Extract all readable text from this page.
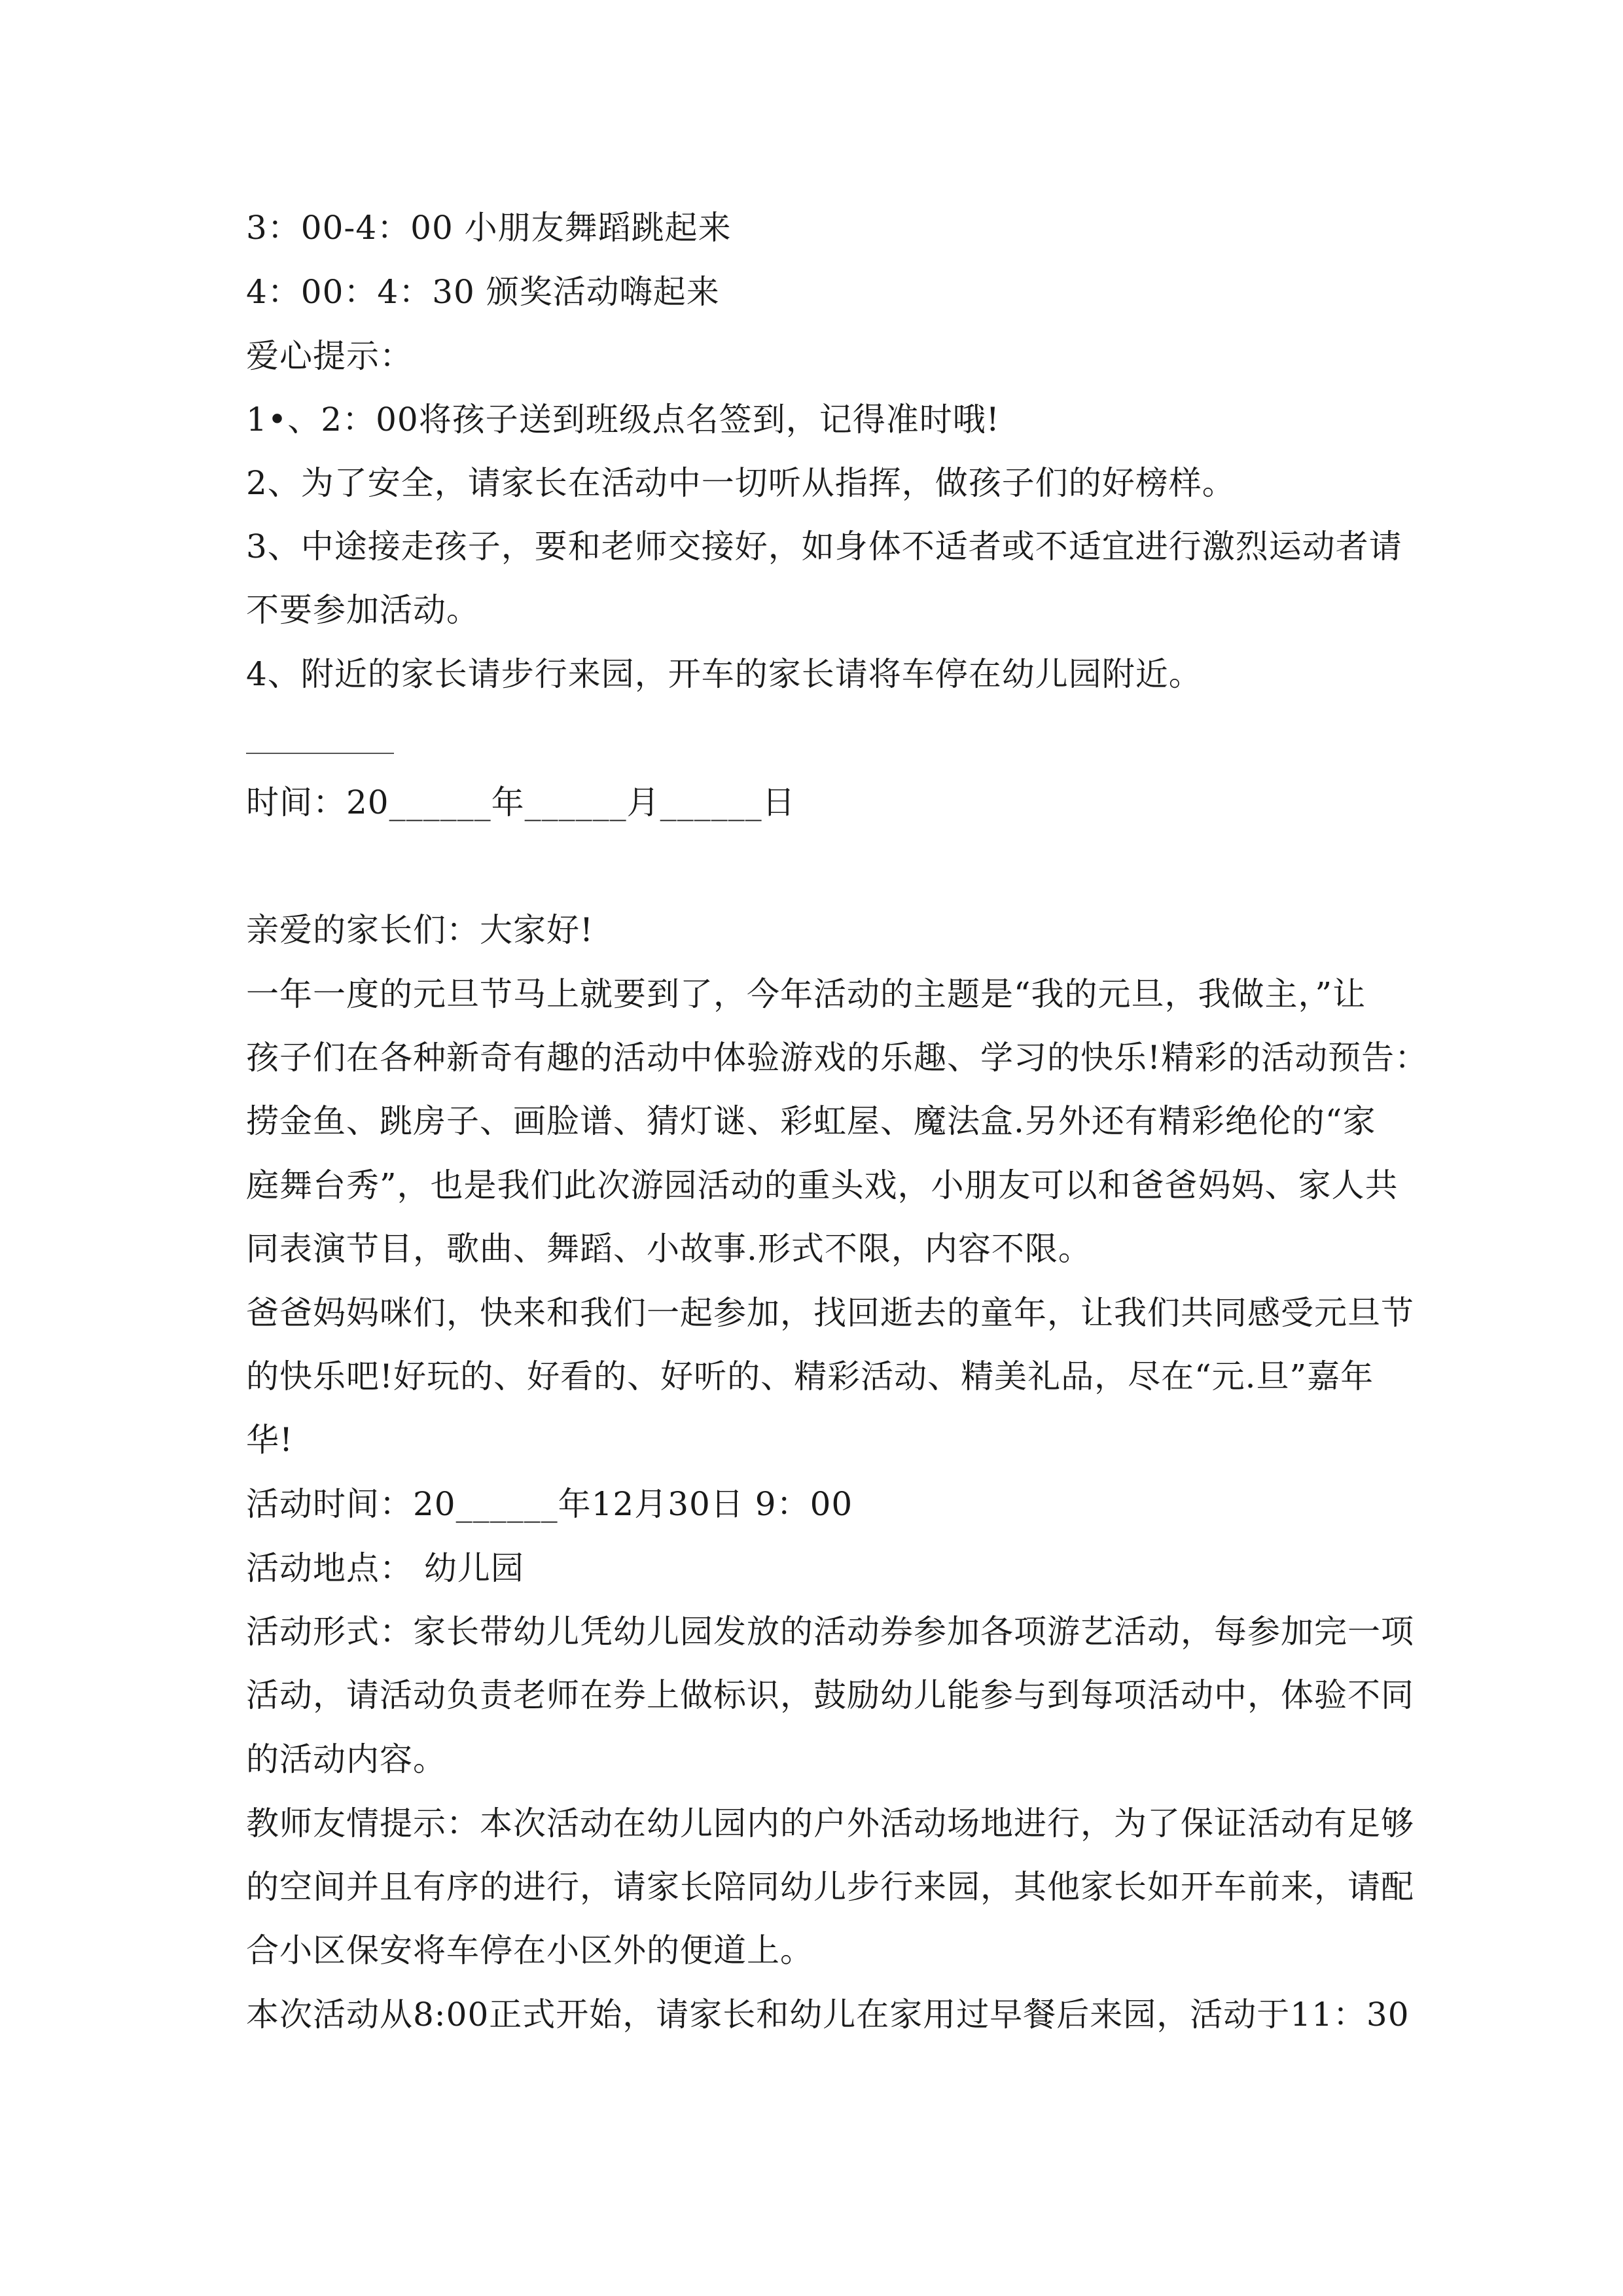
3：00-4：00 小朋友舞蹈跳起来
4：00：4：30 颁奖活动嗨起来
爱心提示：
1•、2：00将孩子送到班级点名签到，记得准时哦!
2、为了安全，请家长在活动中一切听从指挥，做孩子们的好榜样。
3、中途接走孩子，要和老师交接好，如身体不适者或不适宜进行激烈运动者请
不要参加活动。
4、附近的家长请步行来园，开车的家长请将车停在幼儿园附近。
时间：20______年______月______日
亲爱的家长们：大家好!
一年一度的元旦节马上就要到了，今年活动的主题是“我的元旦，我做主，”让
孩子们在各种新奇有趣的活动中体验游戏的乐趣、学习的快乐!精彩的活动预告：
捞金鱼、跳房子、画脸谱、猜灯谜、彩虹屋、魔法盒.另外还有精彩绝伦的“家
庭舞台秀”，也是我们此次游园活动的重头戏，小朋友可以和爸爸妈妈、家人共
同表演节目，歌曲、舞蹈、小故事.形式不限，内容不限。
爸爸妈妈咪们，快来和我们一起参加，找回逝去的童年，让我们共同感受元旦节
的快乐吧!好玩的、好看的、好听的、精彩活动、精美礼品，尽在“元.旦”嘉年
华!
活动时间：20______年12月30日 9：00
活动地点： 幼儿园
活动形式：家长带幼儿凭幼儿园发放的活动券参加各项游艺活动，每参加完一项
活动，请活动负责老师在券上做标识，鼓励幼儿能参与到每项活动中，体验不同
的活动内容。
教师友情提示：本次活动在幼儿园内的户外活动场地进行，为了保证活动有足够
的空间并且有序的进行，请家长陪同幼儿步行来园，其他家长如开车前来，请配
合小区保安将车停在小区外的便道上。
本次活动从8:00正式开始，请家长和幼儿在家用过早餐后来园，活动于11：30
